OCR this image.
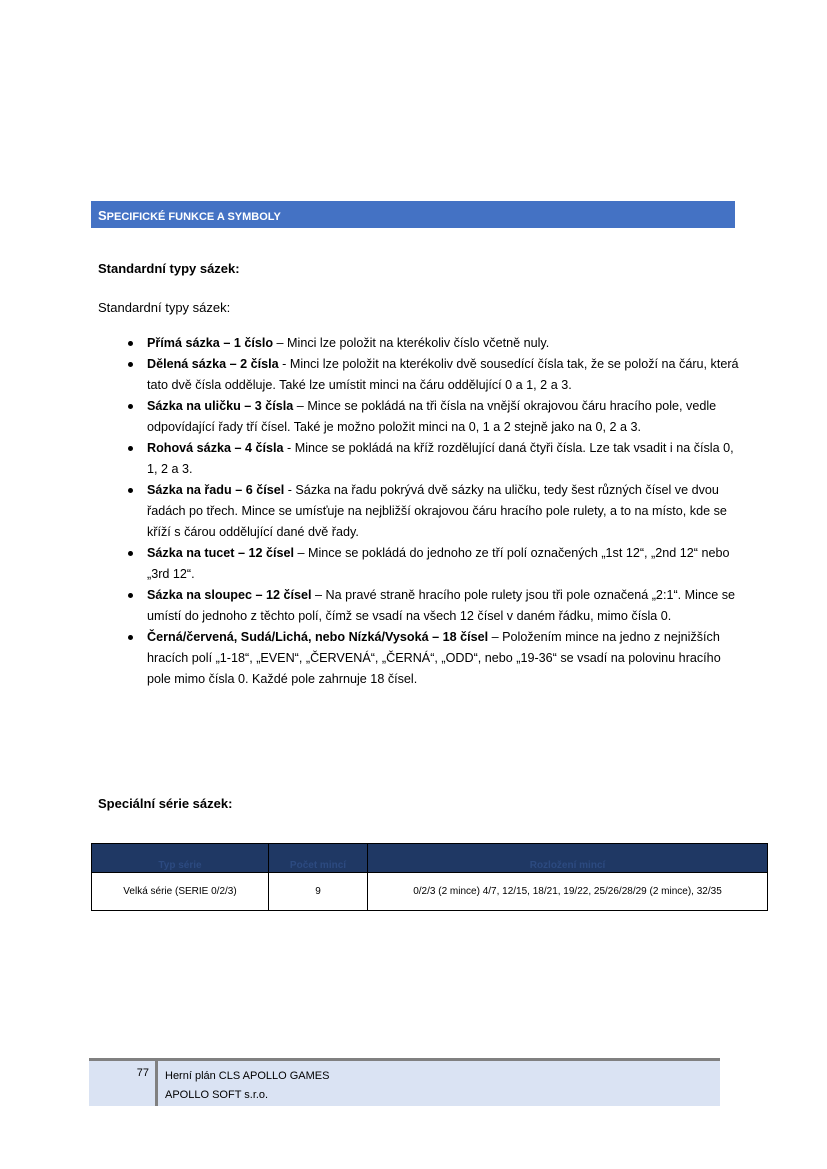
SPECIFICKÉ FUNKCE A SYMBOLY
Standardní typy sázek:
Standardní typy sázek:
Přímá sázka – 1 číslo – Minci lze položit na kterékoliv číslo včetně nuly.
Dělená sázka – 2 čísla - Minci lze položit na kterékoliv dvě sousedící čísla tak, že se položí na čáru, která tato dvě čísla odděluje. Také lze umístit minci na čáru oddělující 0 a 1, 2 a 3.
Sázka na uličku – 3 čísla – Mince se pokládá na tři čísla na vnější okrajovou čáru hracího pole, vedle odpovídající řady tří čísel. Také je možno položit minci na 0, 1 a 2 stejně jako na 0, 2 a 3.
Rohová sázka – 4 čísla - Mince se pokládá na kříž rozdělující daná čtyři čísla. Lze tak vsadit i na čísla 0, 1, 2 a 3.
Sázka na řadu – 6 čísel - Sázka na řadu pokrývá dvě sázky na uličku, tedy šest různých čísel ve dvou řadách po třech. Mince se umísťuje na nejbližší okrajovou čáru hracího pole rulety, a to na místo, kde se kříží s čárou oddělující dané dvě řady.
Sázka na tucet – 12 čísel – Mince se pokládá do jednoho ze tří polí označených „1st 12“, „2nd 12“ nebo „3rd 12“.
Sázka na sloupec – 12 čísel – Na pravé straně hracího pole rulety jsou tři pole označená „2:1“. Mince se umístí do jednoho z těchto polí, čímž se vsadí na všech 12 čísel v daném řádku, mimo čísla 0.
Černá/červená, Sudá/Lichá, nebo Nízká/Vysoká – 18 čísel – Položením mince na jedno z nejnižších hracích polí „1-18“, „EVEN“, „ČERVENÁ“, „ČERNÁ“, „ODD“, nebo „19-36“ se vsadí na polovinu hracího pole mimo čísla 0. Každé pole zahrnuje 18 čísel.
Speciální série sázek:
Typ série	Počet mincí	Rozložení mincí
Velká série (SERIE 0/2/3)	9	0/2/3 (2 mince) 4/7, 12/15, 18/21, 19/22, 25/26/28/29 (2 mince), 32/35
77 Herní plán CLS APOLLO GAMES
APOLLO SOFT s.r.o.
